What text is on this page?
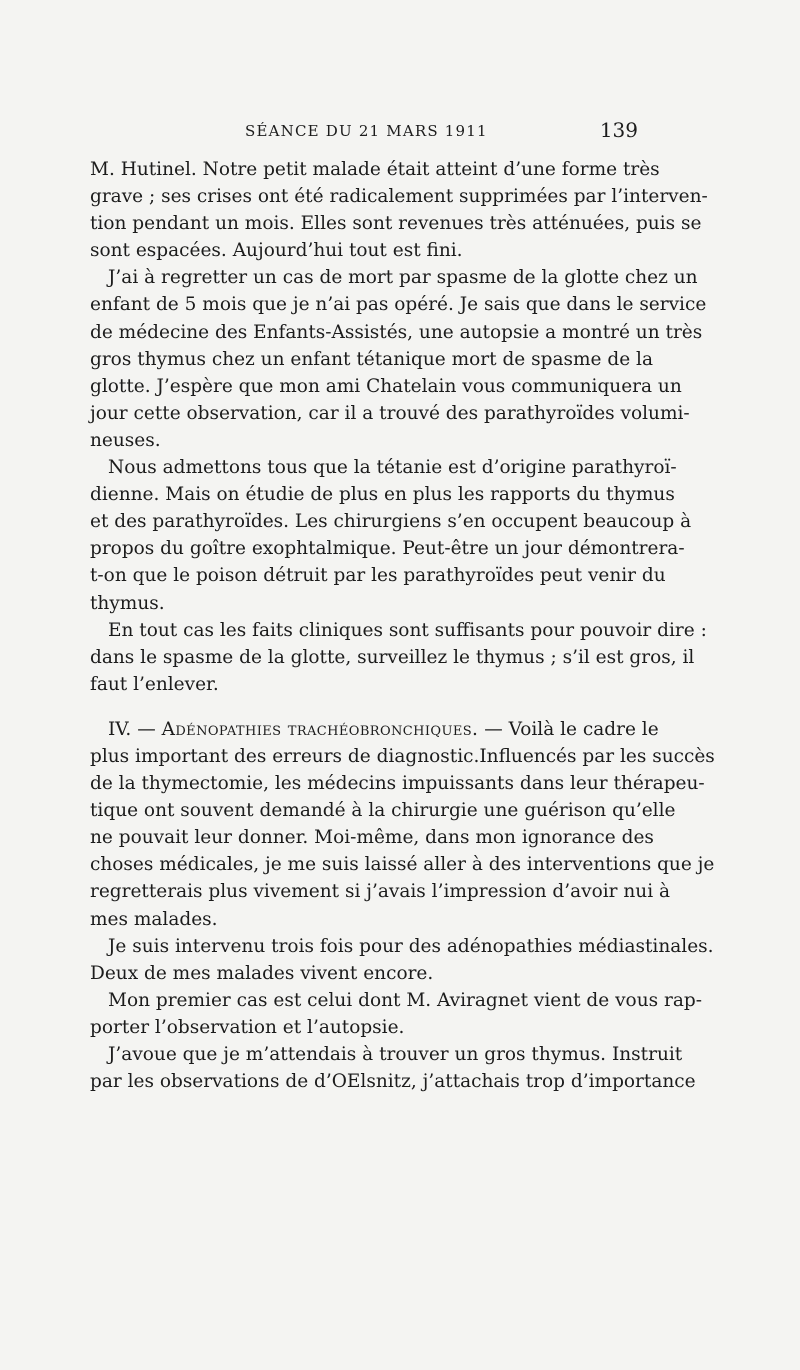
SÉANCE DU 21 MARS 1911	139

M. Hutinel. Notre petit malade était atteint d’une forme très
grave ; ses crises ont été radicalement supprimées par l’interven-
tion pendant un mois. Elles sont revenues très atténuées, puis se
sont espacées. Aujourd’hui tout est fini.

J’ai à regretter un cas de mort par spasme de la glotte chez un
enfant de 5 mois que je n’ai pas opéré. Je sais que dans le service
de médecine des Enfants-Assistés, une autopsie a montré un très
gros thymus chez un enfant tétanique mort de spasme de la
glotte. J’espère que mon ami Chatelain vous communiquera un
jour cette observation, car il a trouvé des parathyroïdes volumi-
neuses.

Nous admettons tous que la tétanie est d’origine parathyroï-
dienne. Mais on étudie de plus en plus les rapports du thymus
et des parathyroïdes. Les chirurgiens s’en occupent beaucoup à
propos du goître exophtalmique. Peut-être un jour démontrera-
t-on que le poison détruit par les parathyroïdes peut venir du
thymus.

En tout cas les faits cliniques sont suffisants pour pouvoir dire :
dans le spasme de la glotte, surveillez le thymus ; s’il est gros, il
faut l’enlever.

IV. — Adénopathies trachéobronchiques. — Voilà le cadre le
plus important des erreurs de diagnostic.Influencés par les succès
de la thymectomie, les médecins impuissants dans leur thérapeu-
tique ont souvent demandé à la chirurgie une guérison qu’elle
ne pouvait leur donner. Moi-même, dans mon ignorance des
choses médicales, je me suis laissé aller à des interventions que je
regretterais plus vivement si j’avais l’impression d’avoir nui à
mes malades.

Je suis intervenu trois fois pour des adénopathies médiastinales.
Deux de mes malades vivent encore.

Mon premier cas est celui dont M. Aviragnet vient de vous rap-
porter l’observation et l’autopsie.

J’avoue que je m’attendais à trouver un gros thymus. Instruit
par les observations de d’OElsnitz, j’attachais trop d’importance
